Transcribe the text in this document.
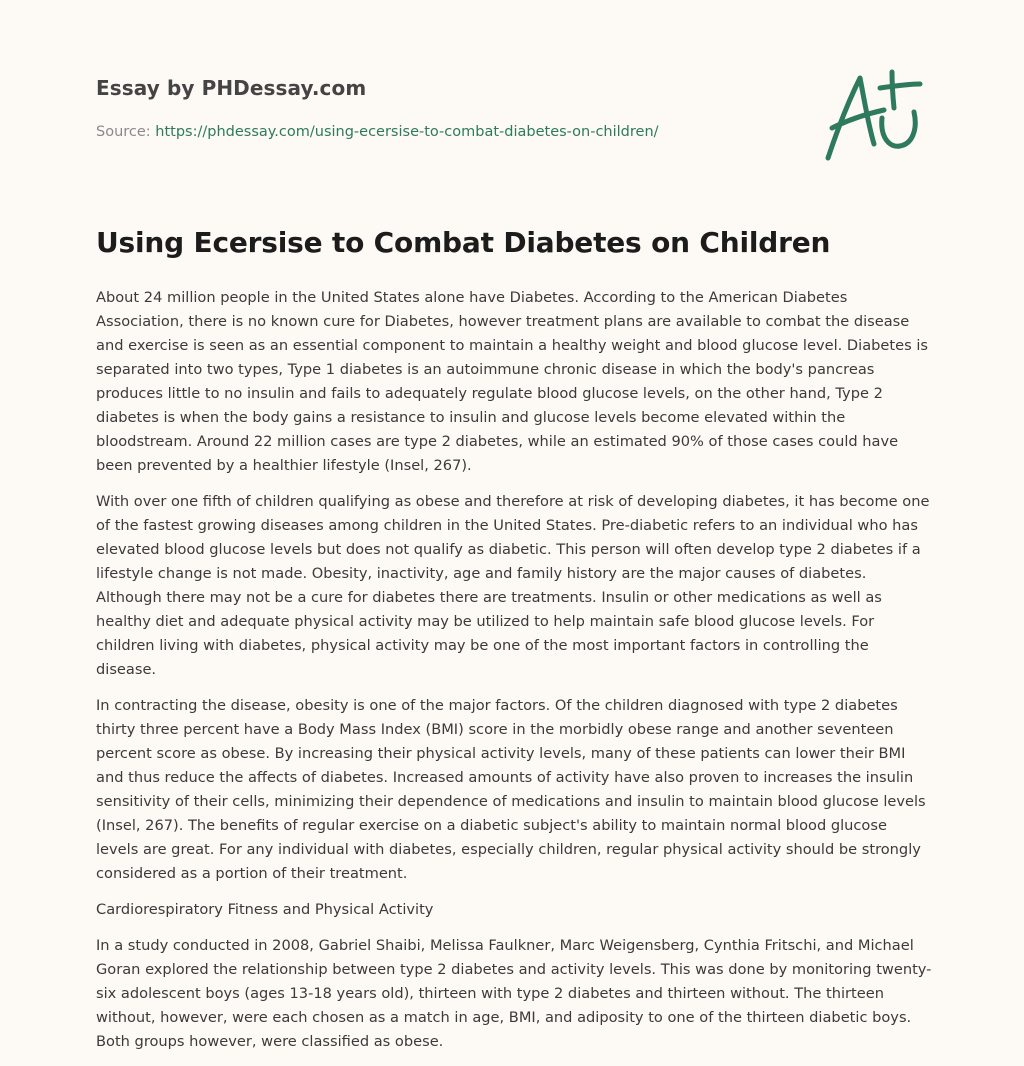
Essay by PHDessay.com
Source: https://phdessay.com/using-ecersise-to-combat-diabetes-on-children/
Using Ecersise to Combat Diabetes on Children

About 24 million people in the United States alone have Diabetes. According to the American Diabetes Association, there is no known cure for Diabetes, however treatment plans are available to combat the disease and exercise is seen as an essential component to maintain a healthy weight and blood glucose level. Diabetes is separated into two types, Type 1 diabetes is an autoimmune chronic disease in which the body's pancreas produces little to no insulin and fails to adequately regulate blood glucose levels, on the other hand, Type 2 diabetes is when the body gains a resistance to insulin and glucose levels become elevated within the bloodstream. Around 22 million cases are type 2 diabetes, while an estimated 90% of those cases could have been prevented by a healthier lifestyle (Insel, 267).

With over one fifth of children qualifying as obese and therefore at risk of developing diabetes, it has become one of the fastest growing diseases among children in the United States. Pre-diabetic refers to an individual who has elevated blood glucose levels but does not qualify as diabetic. This person will often develop type 2 diabetes if a lifestyle change is not made. Obesity, inactivity, age and family history are the major causes of diabetes. Although there may not be a cure for diabetes there are treatments. Insulin or other medications as well as healthy diet and adequate physical activity may be utilized to help maintain safe blood glucose levels. For children living with diabetes, physical activity may be one of the most important factors in controlling the disease.

In contracting the disease, obesity is one of the major factors. Of the children diagnosed with type 2 diabetes thirty three percent have a Body Mass Index (BMI) score in the morbidly obese range and another seventeen percent score as obese. By increasing their physical activity levels, many of these patients can lower their BMI and thus reduce the affects of diabetes. Increased amounts of activity have also proven to increases the insulin sensitivity of their cells, minimizing their dependence of medications and insulin to maintain blood glucose levels (Insel, 267). The benefits of regular exercise on a diabetic subject's ability to maintain normal blood glucose levels are great. For any individual with diabetes, especially children, regular physical activity should be strongly considered as a portion of their treatment.

Cardiorespiratory Fitness and Physical Activity

In a study conducted in 2008, Gabriel Shaibi, Melissa Faulkner, Marc Weigensberg, Cynthia Fritschi, and Michael Goran explored the relationship between type 2 diabetes and activity levels. This was done by monitoring twenty-six adolescent boys (ages 13-18 years old), thirteen with type 2 diabetes and thirteen without. The thirteen without, however, were each chosen as a match in age, BMI, and adiposity to one of the thirteen diabetic boys. Both groups however, were classified as obese.
